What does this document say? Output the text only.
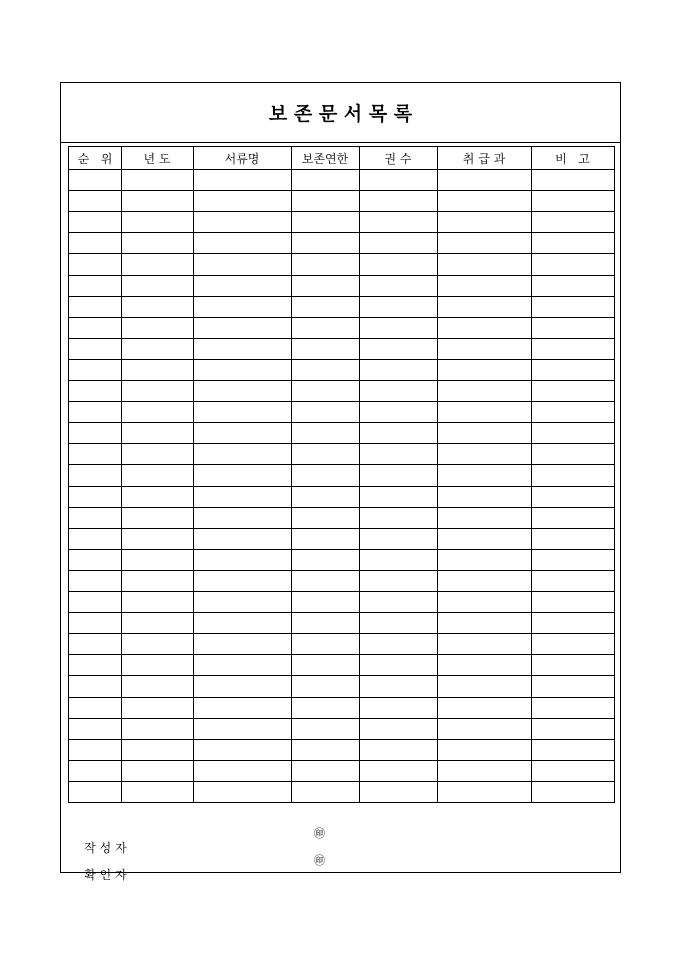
보 존 문 서 목 록
순   위	년 도	서류명	보존연한	권 수	취 급 과	비   고

작 성 자

㊞

확 인 자

㊞
